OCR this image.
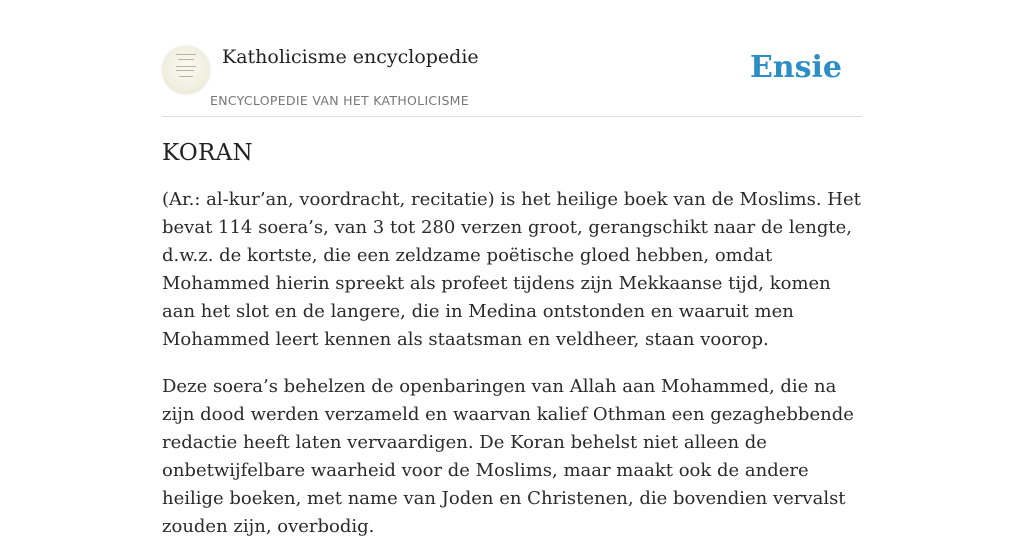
Katholicisme encyclopedie
ENCYCLOPEDIE VAN HET KATHOLICISME
Ensie
KORAN

(Ar.: al-kur’an, voordracht, recitatie) is het heilige boek van de Moslims. Het bevat 114 soera’s, van 3 tot 280 verzen groot, gerangschikt naar de lengte, d.w.z. de kortste, die een zeldzame poëtische gloed hebben, omdat Mohammed hierin spreekt als profeet tijdens zijn Mekkaanse tijd, komen aan het slot en de langere, die in Medina ontstonden en waaruit men Mohammed leert kennen als staatsman en veldheer, staan voorop.

Deze soera’s behelzen de openbaringen van Allah aan Mohammed, die na zijn dood werden verzameld en waarvan kalief Othman een gezaghebbende redactie heeft laten vervaardigen. De Koran behelst niet alleen de onbetwijfelbare waarheid voor de Moslims, maar maakt ook de andere heilige boeken, met name van Joden en Christenen, die bovendien vervalst zouden zijn, overbodig.
